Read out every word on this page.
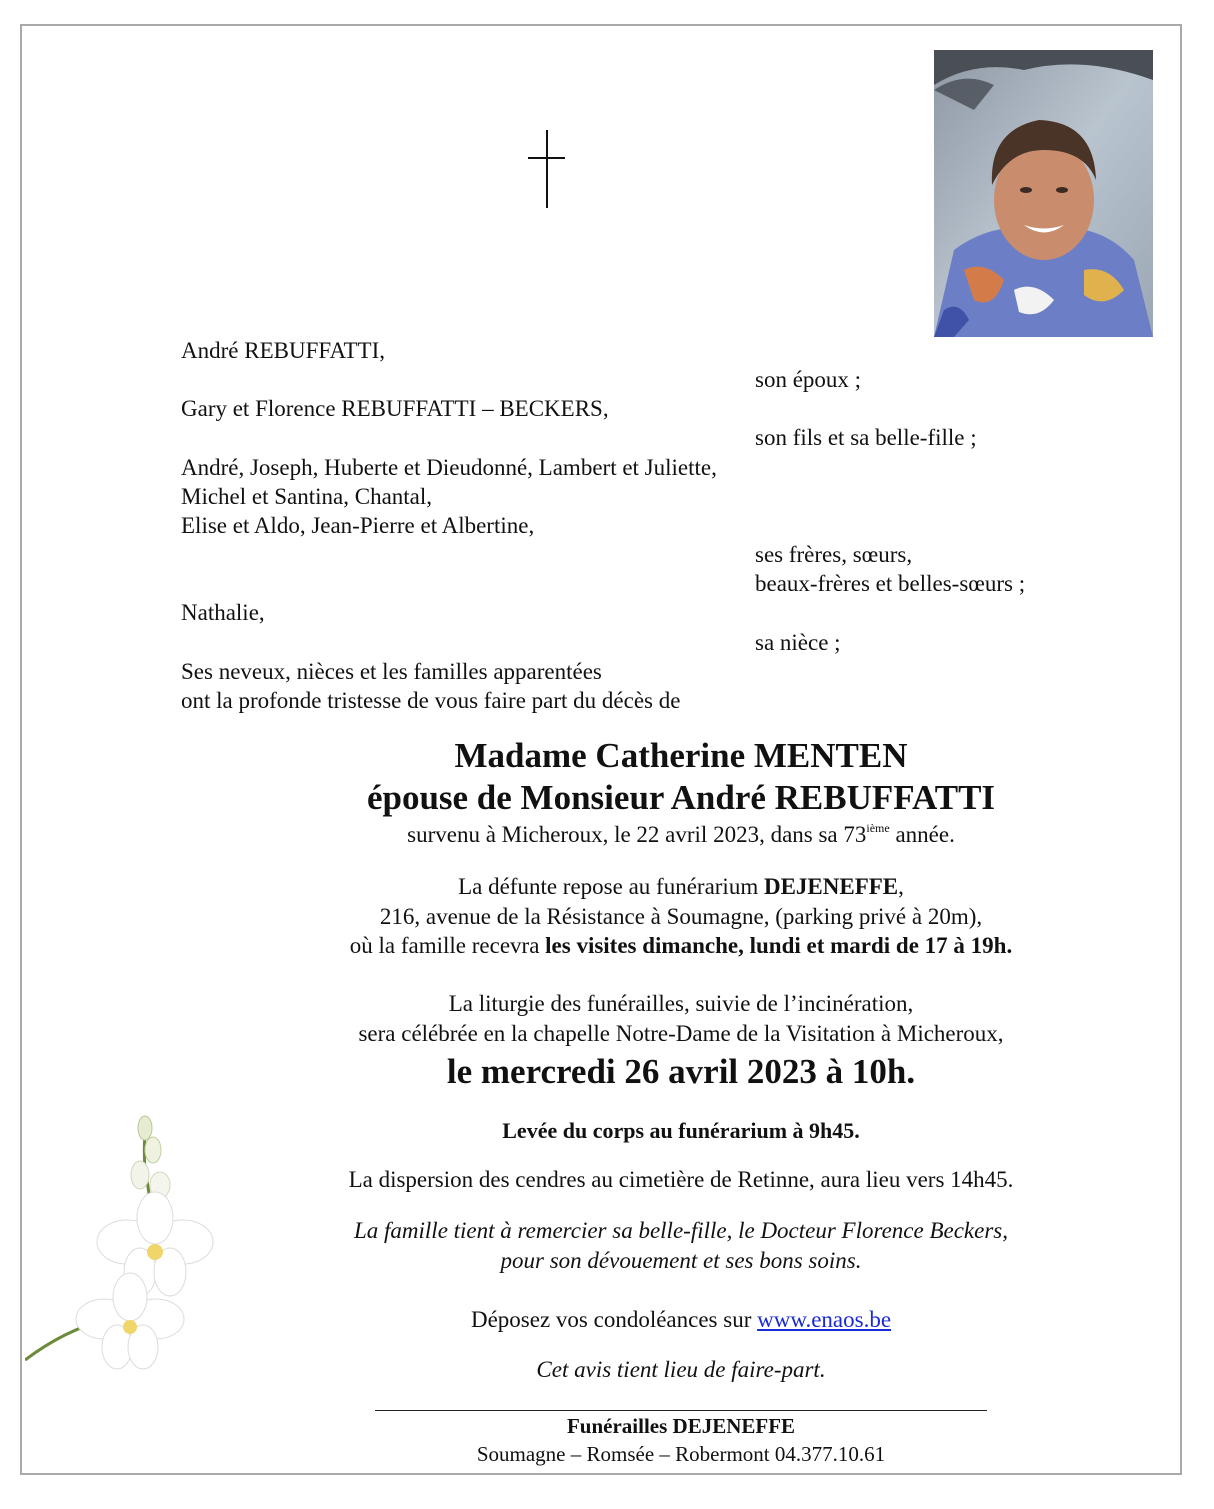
André REBUFFATTI,
son époux ;
Gary et Florence REBUFFATTI – BECKERS,
son fils et sa belle-fille ;
André, Joseph, Huberte et Dieudonné, Lambert et Juliette,
Michel et Santina, Chantal,
Elise et Aldo, Jean-Pierre et Albertine,
ses frères, sœurs,
beaux-frères et belles-sœurs ;
Nathalie,
sa nièce ;
Ses neveux, nièces et les familles apparentées
ont la profonde tristesse de vous faire part du décès de
Madame Catherine MENTEN
épouse de Monsieur André REBUFFATTI
survenu à Micheroux, le 22 avril 2023, dans sa 73ième année.
La défunte repose au funérarium DEJENEFFE,
216, avenue de la Résistance à Soumagne, (parking privé à 20m),
où la famille recevra les visites dimanche, lundi et mardi de 17 à 19h.
La liturgie des funérailles, suivie de l’incinération,
sera célébrée en la chapelle Notre-Dame de la Visitation à Micheroux,
le mercredi 26 avril 2023 à 10h.
Levée du corps au funérarium à 9h45.
La dispersion des cendres au cimetière de Retinne, aura lieu vers 14h45.
La famille tient à remercier sa belle-fille, le Docteur Florence Beckers,
pour son dévouement et ses bons soins.
Déposez vos condoléances sur www.enaos.be
Cet avis tient lieu de faire-part.
Funérailles DEJENEFFE
Soumagne – Romsée – Robermont 04.377.10.61
